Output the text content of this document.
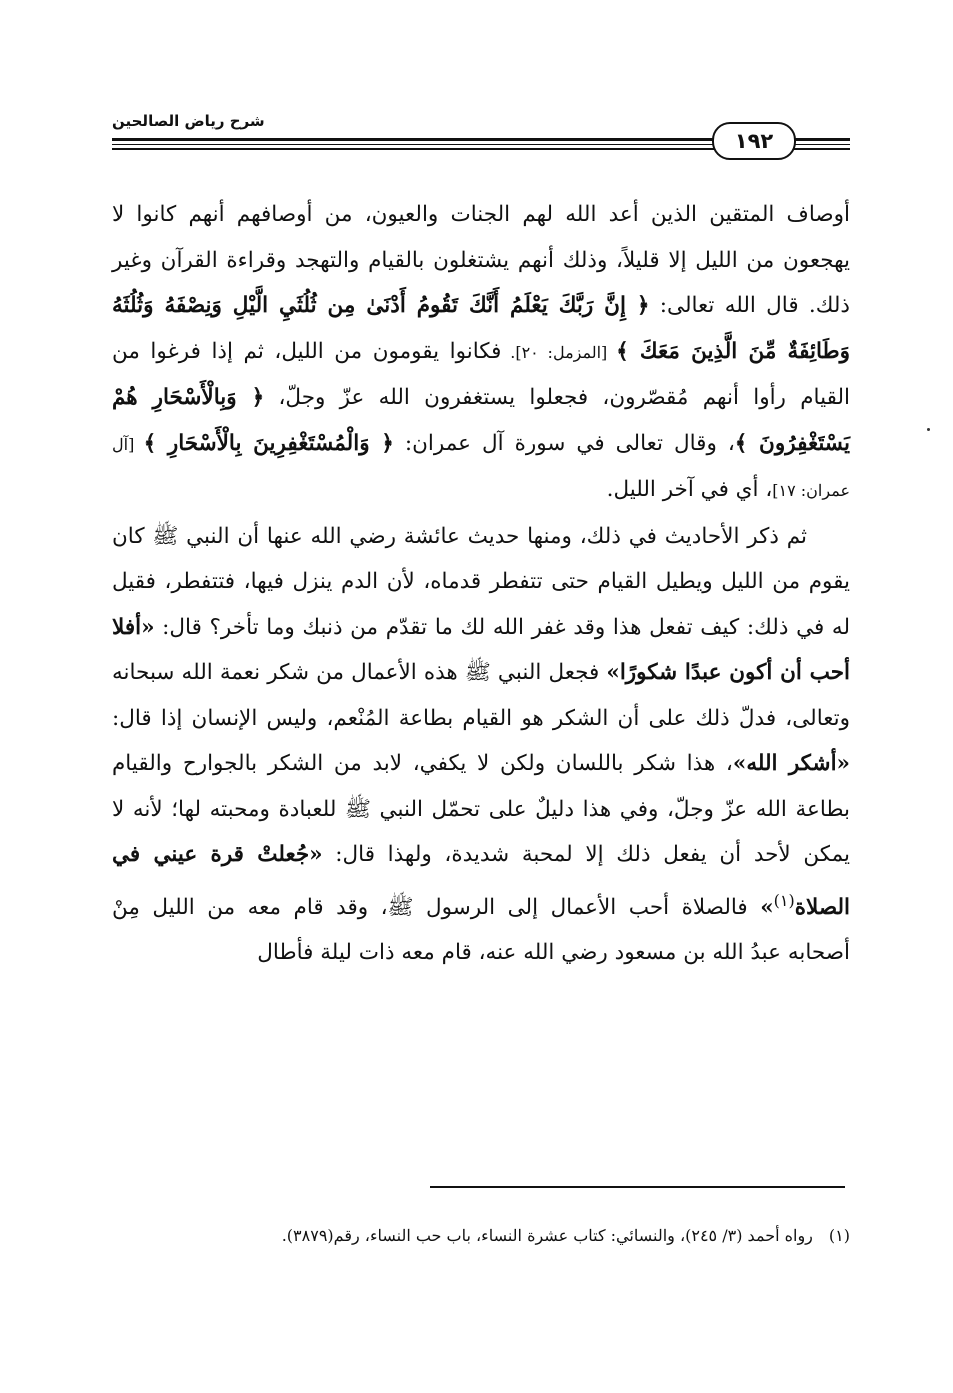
شرح رياض الصالحين
١٩٢

أوصاف المتقين الذين أعد الله لهم الجنات والعيون، من أوصافهم أنهم كانوا لا يهجعون من الليل إلا قليلاً، وذلك أنهم يشتغلون بالقيام والتهجد وقراءة القرآن وغير ذلك. قال الله تعالى: ﴿ إِنَّ رَبَّكَ يَعْلَمُ أَنَّكَ تَقُومُ أَدْنَىٰ مِن ثُلُثَيِ الَّيْلِ وَنِصْفَهُ وَثُلُثَهُ وَطَائِفَةٌ مِّنَ الَّذِينَ مَعَكَ ﴾ [المزمل: ٢٠]. فكانوا يقومون من الليل، ثم إذا فرغوا من القيام رأوا أنهم مُقصّرون، فجعلوا يستغفرون الله عزّ وجلّ، ﴿ وَبِالْأَسْحَارِ هُمْ يَسْتَغْفِرُونَ ﴾، وقال تعالى في سورة آل عمران: ﴿ وَالْمُسْتَغْفِرِينَ بِالْأَسْحَارِ ﴾ [آل عمران: ١٧]، أي في آخر الليل.

  ثم ذكر الأحاديث في ذلك، ومنها حديث عائشة رضي الله عنها أن النبي ﷺ كان يقوم من الليل ويطيل القيام حتى تتفطر قدماه، لأن الدم ينزل فيها، فتتفطر، فقيل له في ذلك: كيف تفعل هذا وقد غفر الله لك ما تقدّم من ذنبك وما تأخر؟ قال: «أفلا أحب أن أكون عبدًا شكورًا» فجعل النبي ﷺ هذه الأعمال من شكر نعمة الله سبحانه وتعالى، فدلّ ذلك على أن الشكر هو القيام بطاعة المُنْعم، وليس الإنسان إذا قال: «أشكر الله»، هذا شكر باللسان ولكن لا يكفي، لابد من الشكر بالجوارح والقيام بطاعة الله عزّ وجلّ، وفي هذا دليلٌ على تحمّل النبي ﷺ للعبادة ومحبته لها؛ لأنه لا يمكن لأحد أن يفعل ذلك إلا لمحبة شديدة، ولهذا قال: «جُعلتْ قرة عيني في الصلاة$^{(١)}$» فالصلاة أحب الأعمال إلى الرسول ﷺ، وقد قام معه من الليل مِنْ أصحابه عبدُ الله بن مسعود رضي الله عنه، قام معه ذات ليلة فأطال

(١) رواه أحمد (٣/ ٢٤٥)، والنسائي: كتاب عشرة النساء، باب حب النساء، رقم(٣٨٧٩).
